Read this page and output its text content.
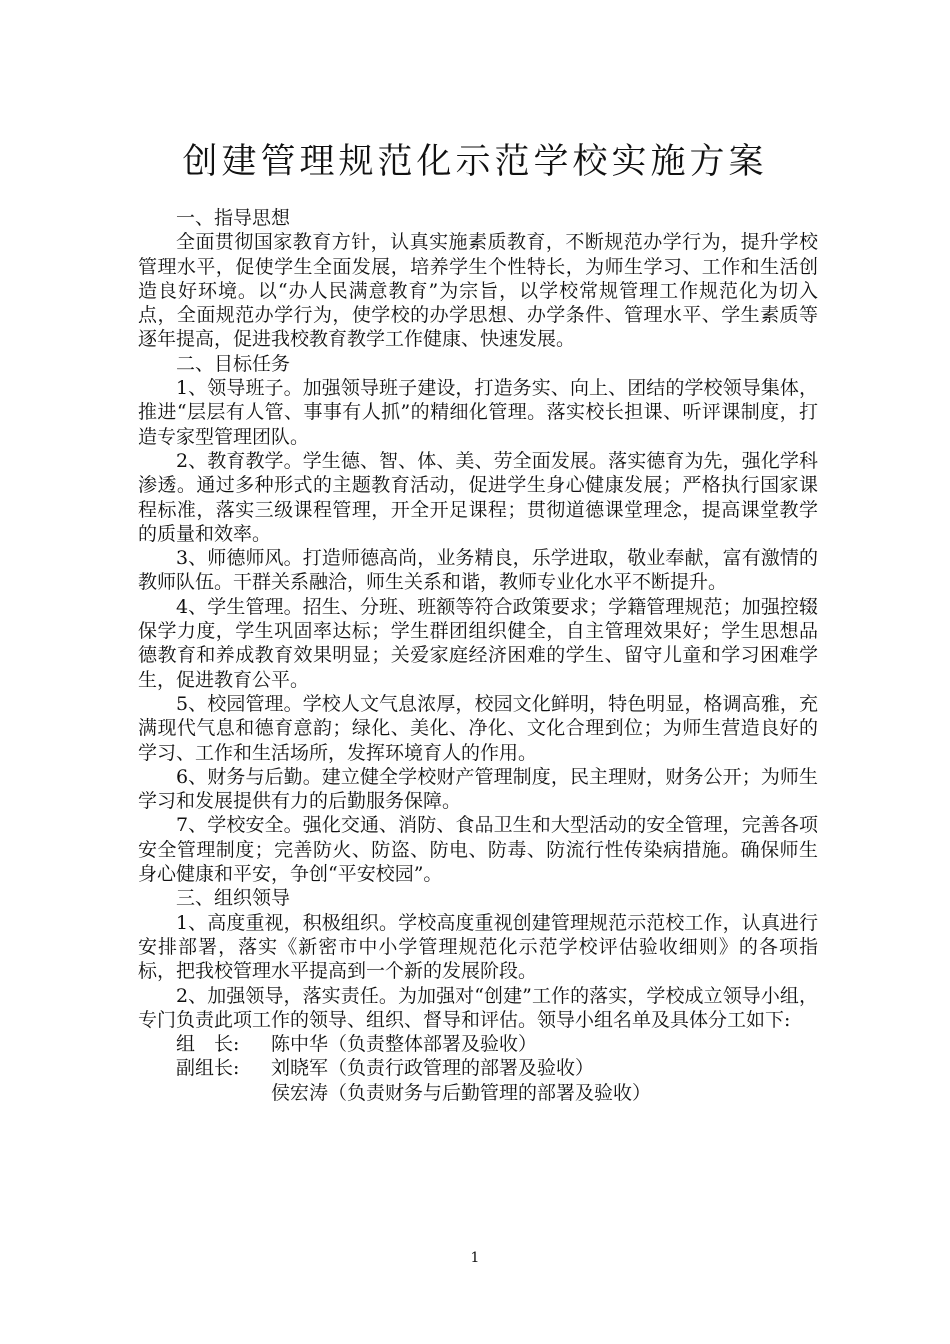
创建管理规范化示范学校实施方案

一、指导思想

全面贯彻国家教育方针，认真实施素质教育，不断规范办学行为，提升学校管理水平，促使学生全面发展，培养学生个性特长，为师生学习、工作和生活创造良好环境。以“办人民满意教育”为宗旨，以学校常规管理工作规范化为切入点，全面规范办学行为，使学校的办学思想、办学条件、管理水平、学生素质等逐年提高，促进我校教育教学工作健康、快速发展。

二、目标任务

1、领导班子。加强领导班子建设，打造务实、向上、团结的学校领导集体，推进“层层有人管、事事有人抓”的精细化管理。落实校长担课、听评课制度，打造专家型管理团队。

2、教育教学。学生德、智、体、美、劳全面发展。落实德育为先，强化学科渗透。通过多种形式的主题教育活动，促进学生身心健康发展；严格执行国家课程标准，落实三级课程管理，开全开足课程；贯彻道德课堂理念，提高课堂教学的质量和效率。

3、师德师风。打造师德高尚，业务精良，乐学进取，敬业奉献，富有激情的教师队伍。干群关系融洽，师生关系和谐，教师专业化水平不断提升。

4、学生管理。招生、分班、班额等符合政策要求；学籍管理规范；加强控辍保学力度，学生巩固率达标；学生群团组织健全，自主管理效果好；学生思想品德教育和养成教育效果明显；关爱家庭经济困难的学生、留守儿童和学习困难学生，促进教育公平。

5、校园管理。学校人文气息浓厚，校园文化鲜明，特色明显，格调高雅，充满现代气息和德育意韵；绿化、美化、净化、文化合理到位；为师生营造良好的学习、工作和生活场所，发挥环境育人的作用。

6、财务与后勤。建立健全学校财产管理制度，民主理财，财务公开；为师生学习和发展提供有力的后勤服务保障。

7、学校安全。强化交通、消防、食品卫生和大型活动的安全管理，完善各项安全管理制度；完善防火、防盗、防电、防毒、防流行性传染病措施。确保师生身心健康和平安，争创“平安校园”。

三、组织领导

1、高度重视，积极组织。学校高度重视创建管理规范示范校工作，认真进行安排部署，落实《新密市中小学管理规范化示范学校评估验收细则》的各项指标，把我校管理水平提高到一个新的发展阶段。

2、加强领导，落实责任。为加强对“创建”工作的落实，学校成立领导小组，专门负责此项工作的领导、组织、督导和评估。领导小组名单及具体分工如下:

组　长: 陈中华（负责整体部署及验收）

副组长: 刘晓军（负责行政管理的部署及验收）

侯宏涛（负责财务与后勤管理的部署及验收）

1
